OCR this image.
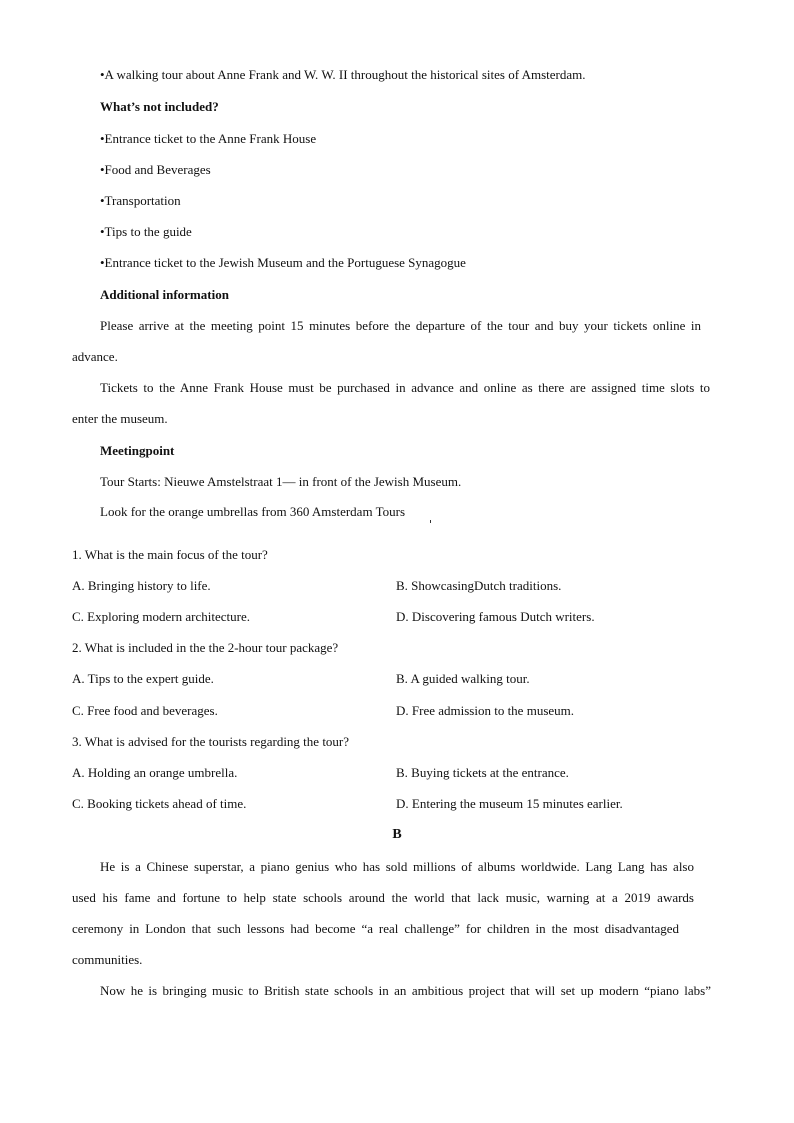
•A walking tour about Anne Frank and W. W. II throughout the historical sites of Amsterdam.
What’s not included?
•Entrance ticket to the Anne Frank House
•Food and Beverages
•Transportation
•Tips to the guide
•Entrance ticket to the Jewish Museum and the Portuguese Synagogue
Additional information
Please arrive at the meeting point 15 minutes before the departure of the tour and buy your tickets online in
advance.
Tickets to the Anne Frank House must be purchased in advance and online as there are assigned time slots to
enter the museum.
Meetingpoint
Tour Starts: Nieuwe Amstelstraat 1— in front of the Jewish Museum.
Look for the orange umbrellas from 360 Amsterdam Tours
1. What is the main focus of the tour?
A. Bringing history to life.	B. ShowcasingDutch traditions.
C. Exploring modern architecture.	D. Discovering famous Dutch writers.
2. What is included in the the 2-hour tour package?
A. Tips to the expert guide.	B. A guided walking tour.
C. Free food and beverages.	D. Free admission to the museum.
3. What is advised for the tourists regarding the tour?
A. Holding an orange umbrella.	B. Buying tickets at the entrance.
C. Booking tickets ahead of time.	D. Entering the museum 15 minutes earlier.
B
He is a Chinese superstar, a piano genius who has sold millions of albums worldwide. Lang Lang has also
used his fame and fortune to help state schools around the world that lack music, warning at a 2019 awards
ceremony in London that such lessons had become “a real challenge” for children in the most disadvantaged
communities.
Now he is bringing music to British state schools in an ambitious project that will set up modern “piano labs”
